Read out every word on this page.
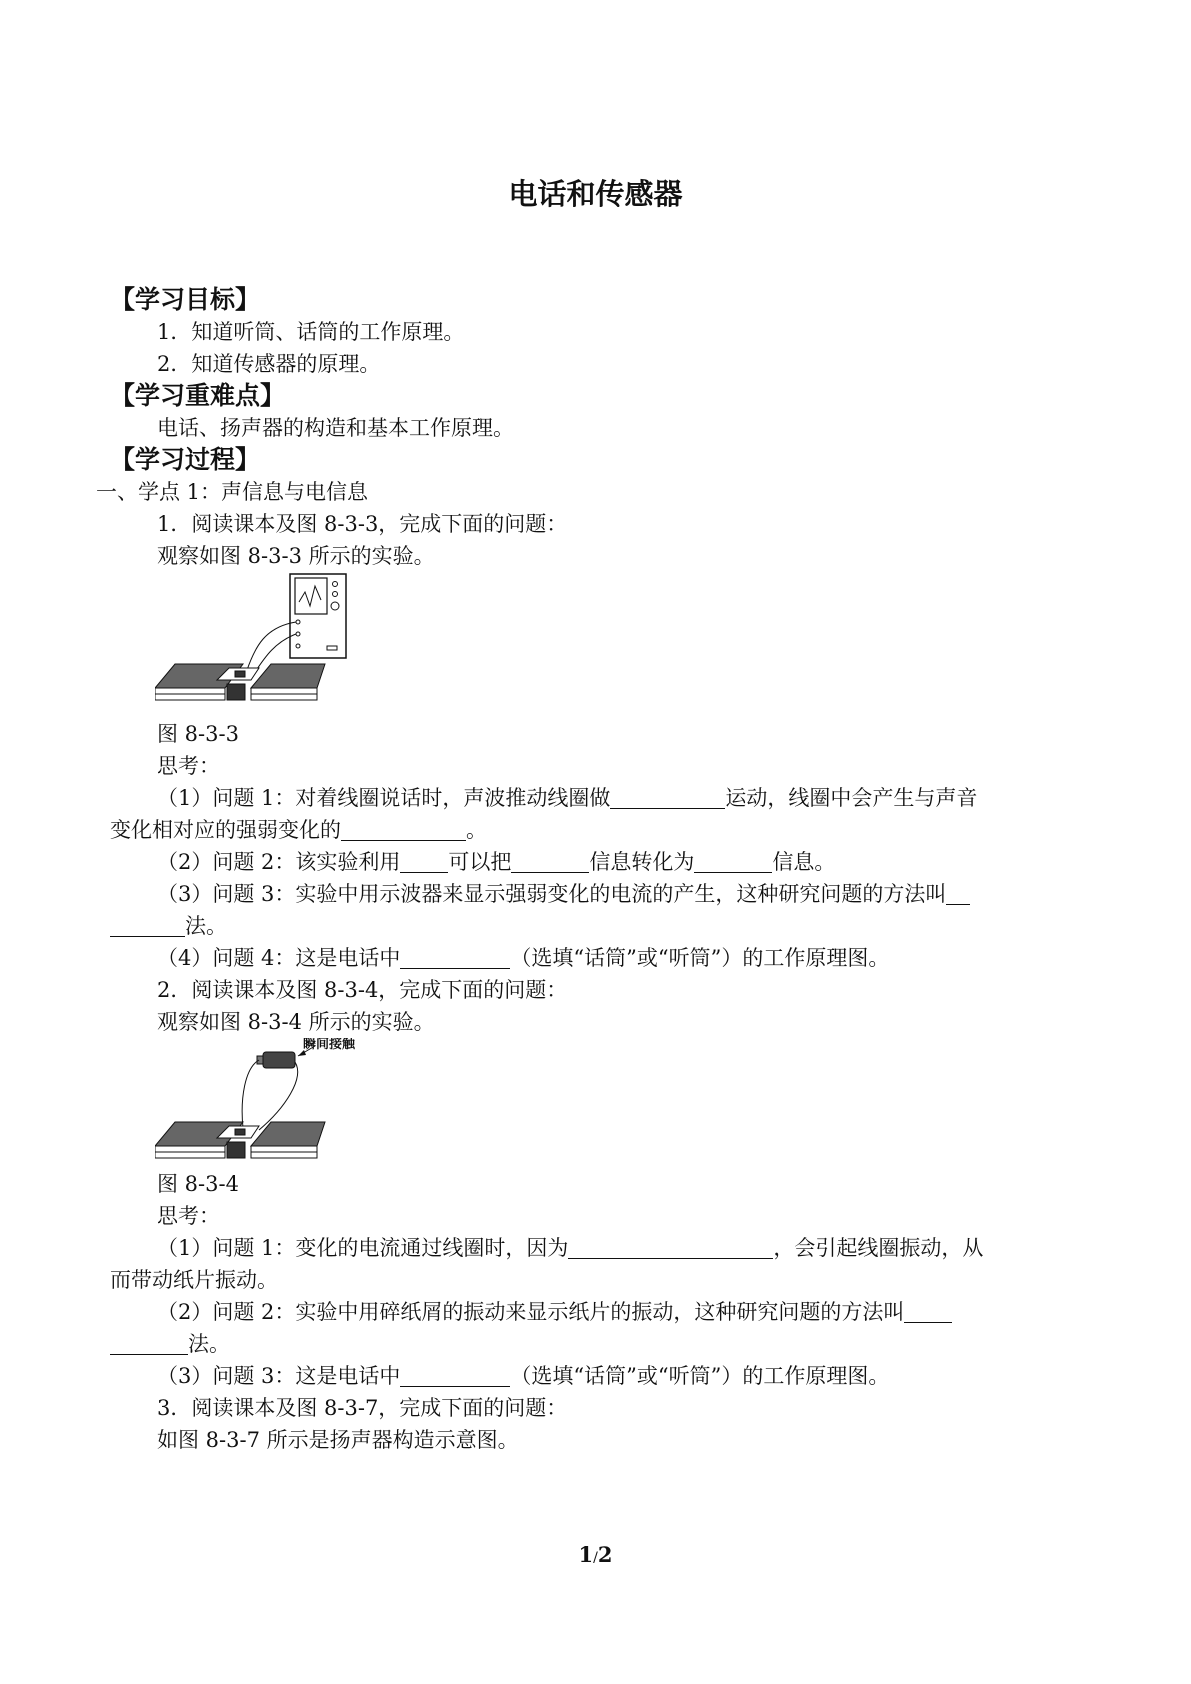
电话和传感器
【学习目标】
1．知道听筒、话筒的工作原理。
2．知道传感器的原理。
【学习重难点】
电话、扬声器的构造和基本工作原理。
【学习过程】
一、学点 1：声信息与电信息
1．阅读课本及图 8-3-3，完成下面的问题：
观察如图 8-3-3 所示的实验。
图 8-3-3
思考：
（1）问题 1：对着线圈说话时，声波推动线圈做	运动，线圈中会产生与声音
变化相对应的强弱变化的	。
（2）问题 2：该实验利用 可以把	信息转化为	信息。
（3）问题 3：实验中用示波器来显示强弱变化的电流的产生，这种研究问题的方法叫
法。
（4）问题 4：这是电话中	（选填“话筒”或“听筒”）的工作原理图。
2．阅读课本及图 8-3-4，完成下面的问题：
观察如图 8-3-4 所示的实验。
瞬间接触
图 8-3-4
思考：
（1）问题 1：变化的电流通过线圈时，因为	，会引起线圈振动，从
而带动纸片振动。
（2）问题 2：实验中用碎纸屑的振动来显示纸片的振动，这种研究问题的方法叫
法。
（3）问题 3：这是电话中	（选填“话筒”或“听筒”）的工作原理图。
3．阅读课本及图 8-3-7，完成下面的问题：
如图 8-3-7 所示是扬声器构造示意图。
1/2
